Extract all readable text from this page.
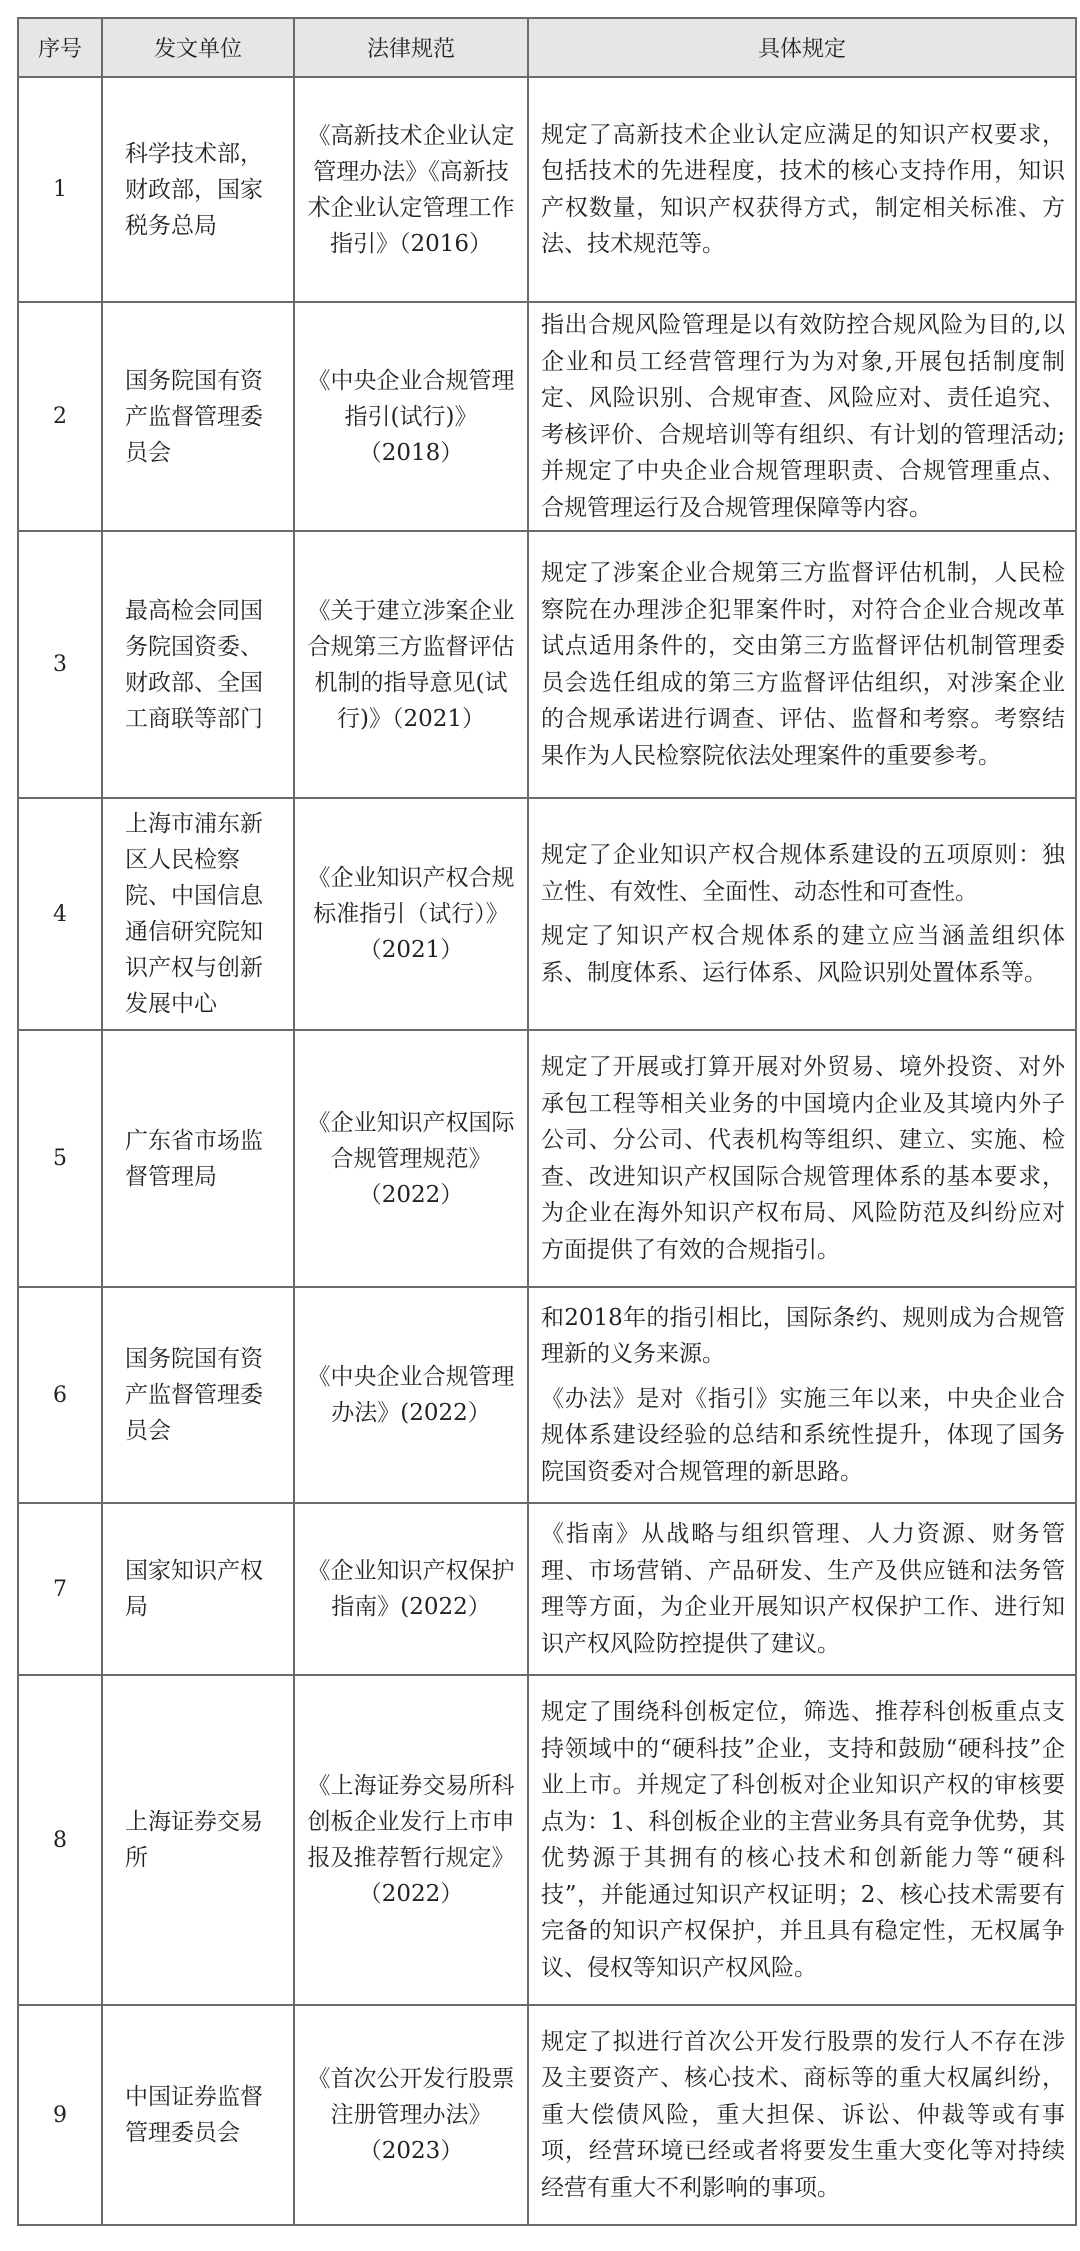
序号	发文单位	法律规范	具体规定
1	科学技术部，财政部，国家税务总局	《高新技术企业认定管理办法》《高新技术企业认定管理工作指引》（2016）	规定了高新技术企业认定应满足的知识产权要求，包括技术的先进程度，技术的核心支持作用，知识产权数量，知识产权获得方式，制定相关标准、方法、技术规范等。

2	国务院国有资产监督管理委员会	《中央企业合规管理指引(试行)》（2018）	指出合规风险管理是以有效防控合规风险为目的,以企业和员工经营管理行为为对象,开展包括制度制定、风险识别、合规审查、风险应对、责任追究、考核评价、合规培训等有组织、有计划的管理活动;并规定了中央企业合规管理职责、合规管理重点、合规管理运行及合规管理保障等内容。

3	最高检会同国务院国资委、财政部、全国工商联等部门	《关于建立涉案企业合规第三方监督评估机制的指导意见(试行)》（2021）	规定了涉案企业合规第三方监督评估机制，人民检察院在办理涉企犯罪案件时，对符合企业合规改革试点适用条件的，交由第三方监督评估机制管理委员会选任组成的第三方监督评估组织，对涉案企业的合规承诺进行调查、评估、监督和考察。考察结果作为人民检察院依法处理案件的重要参考。

4	上海市浦东新区人民检察院、中国信息通信研究院知识产权与创新发展中心	《企业知识产权合规标准指引（试行）》（2021）	规定了企业知识产权合规体系建设的五项原则：独立性、有效性、全面性、动态性和可查性。

规定了知识产权合规体系的建立应当涵盖组织体系、制度体系、运行体系、风险识别处置体系等。

5	广东省市场监督管理局	《企业知识产权国际合规管理规范》（2022）	规定了开展或打算开展对外贸易、境外投资、对外承包工程等相关业务的中国境内企业及其境内外子公司、分公司、代表机构等组织、建立、实施、检查、改进知识产权国际合规管理体系的基本要求，为企业在海外知识产权布局、风险防范及纠纷应对方面提供了有效的合规指引。

6	国务院国有资产监督管理委员会	《中央企业合规管理办法》(2022）	和2018年的指引相比，国际条约、规则成为合规管理新的义务来源。

《办法》是对《指引》实施三年以来，中央企业合规体系建设经验的总结和系统性提升，体现了国务院国资委对合规管理的新思路。

7	国家知识产权局	《企业知识产权保护指南》(2022）	《指南》从战略与组织管理、人力资源、财务管理、市场营销、产品研发、生产及供应链和法务管理等方面，为企业开展知识产权保护工作、进行知识产权风险防控提供了建议。

8	上海证券交易所	《上海证券交易所科创板企业发行上市申报及推荐暂行规定》（2022）	规定了围绕科创板定位，筛选、推荐科创板重点支持领域中的“硬科技”企业，支持和鼓励“硬科技”企业上市。并规定了科创板对企业知识产权的审核要点为：1、科创板企业的主营业务具有竞争优势，其优势源于其拥有的核心技术和创新能力等“硬科技”，并能通过知识产权证明；2、核心技术需要有完备的知识产权保护，并且具有稳定性，无权属争议、侵权等知识产权风险。

9	中国证券监督管理委员会	《首次公开发行股票注册管理办法》（2023）	规定了拟进行首次公开发行股票的发行人不存在涉及主要资产、核心技术、商标等的重大权属纠纷，重大偿债风险，重大担保、诉讼、仲裁等或有事项，经营环境已经或者将要发生重大变化等对持续经营有重大不利影响的事项。
